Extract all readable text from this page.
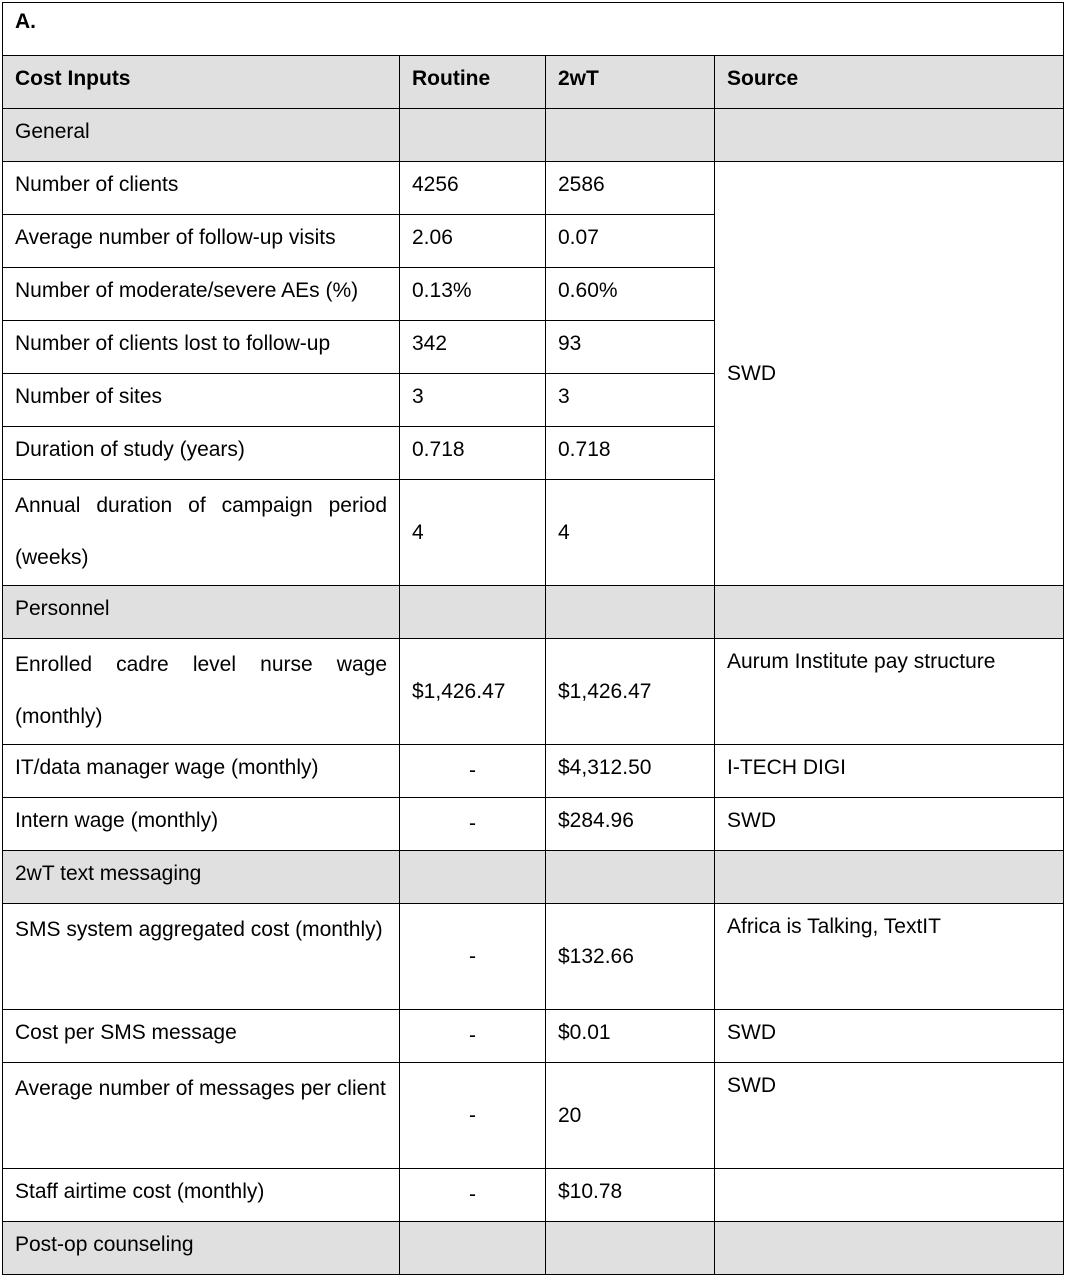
A.			
Cost Inputs	Routine	2wT	Source
General			
Number of clients	4256	2586	SWD
Average number of follow-up visits	2.06	0.07	
Number of moderate/severe AEs (%)	0.13%	0.60%	
Number of clients lost to follow-up	342	93	
Number of sites	3	3	
Duration of study (years)	0.718	0.718	
Annual duration of campaign period (weeks)	4	4	
Personnel			
Enrolled cadre level nurse wage (monthly)	$1,426.47	$1,426.47	Aurum Institute pay structure
IT/data manager wage (monthly)	-	$4,312.50	I-TECH DIGI
Intern wage (monthly)	-	$284.96	SWD
2wT text messaging			
SMS system aggregated cost (monthly)	-	$132.66	Africa is Talking, TextIT
Cost per SMS message	-	$0.01	SWD
Average number of messages per client	-	20	SWD
Staff airtime cost (monthly)	-	$10.78	
Post-op counseling			
